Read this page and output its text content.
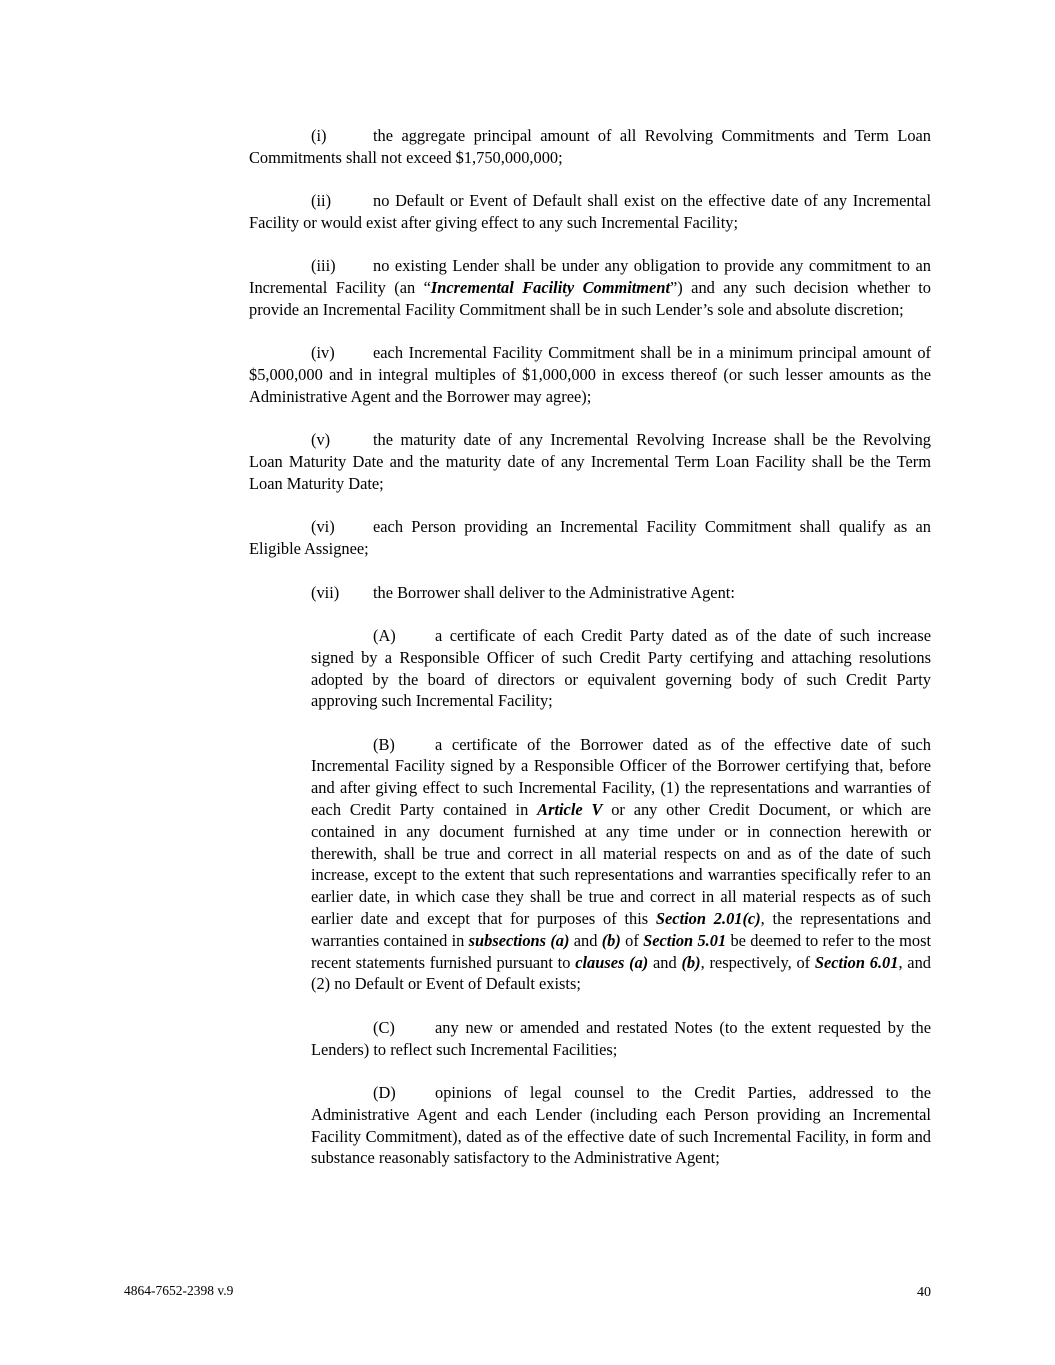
(i)	the aggregate principal amount of all Revolving Commitments and Term Loan Commitments shall not exceed $1,750,000,000;

(ii)	no Default or Event of Default shall exist on the effective date of any Incremental Facility or would exist after giving effect to any such Incremental Facility;

(iii) no existing Lender shall be under any obligation to provide any commitment to an Incremental Facility (an “Incremental Facility Commitment”) and any such decision whether to provide an Incremental Facility Commitment shall be in such Lender’s sole and absolute discretion;

(iv) each Incremental Facility Commitment shall be in a minimum principal amount of $5,000,000 and in integral multiples of $1,000,000 in excess thereof (or such lesser amounts as the Administrative Agent and the Borrower may agree);

(v)	the maturity date of any Incremental Revolving Increase shall be the Revolving Loan Maturity Date and the maturity date of any Incremental Term Loan Facility shall be the Term Loan Maturity Date;

(vi) each Person providing an Incremental Facility Commitment shall qualify as an Eligible Assignee;

(vii) the Borrower shall deliver to the Administrative Agent:

(A) a certificate of each Credit Party dated as of the date of such increase signed by a Responsible Officer of such Credit Party certifying and attaching resolutions adopted by the board of directors or equivalent governing body of such Credit Party approving such Incremental Facility;

(B) a certificate of the Borrower dated as of the effective date of such Incremental Facility signed by a Responsible Officer of the Borrower certifying that, before and after giving effect to such Incremental Facility, (1) the representations and warranties of each Credit Party contained in Article V or any other Credit Document, or which are contained in any document furnished at any time under or in connection herewith or therewith, shall be true and correct in all material respects on and as of the date of such increase, except to the extent that such representations and warranties specifically refer to an earlier date, in which case they shall be true and correct in all material respects as of such earlier date and except that for purposes of this Section 2.01(c), the representations and warranties contained in subsections (a) and (b) of Section 5.01 be deemed to refer to the most recent statements furnished pursuant to clauses (a) and (b), respectively, of Section 6.01, and (2) no Default or Event of Default exists;

(C) any new or amended and restated Notes (to the extent requested by the Lenders) to reflect such Incremental Facilities;

(D) opinions of legal counsel to the Credit Parties, addressed to the Administrative Agent and each Lender (including each Person providing an Incremental Facility Commitment), dated as of the effective date of such Incremental Facility, in form and substance reasonably satisfactory to the Administrative Agent;

4864-7652-2398 v.9	40
